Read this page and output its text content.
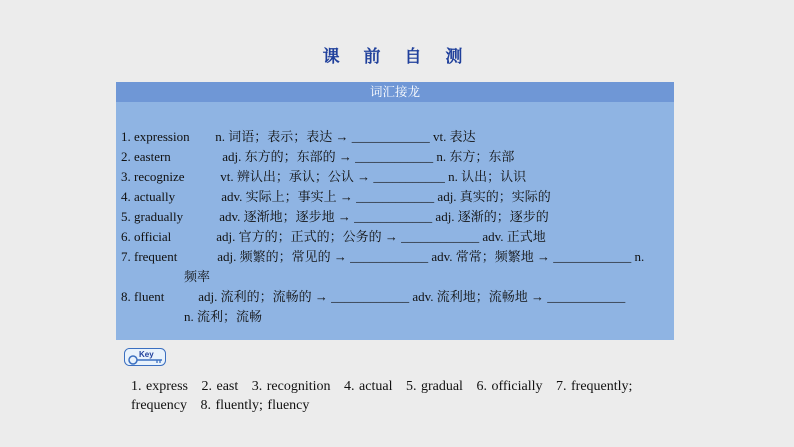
课 前 自 测
词汇接龙
1. expression n. 词语；表示；表达 → ____________ vt. 表达
2. eastern	adj. 东方的；东部的 → ____________ n. 东方；东部
3. recognize	vt. 辨认出；承认；公认 → ___________ n. 认出；认识
4. actually	adv. 实际上；事实上 → ____________ adj. 真实的；实际的
5. gradually	adv. 逐渐地；逐步地 → ____________ adj. 逐渐的；逐步的
6. official	adj. 官方的；正式的；公务的 → ____________ adv. 正式地
7. frequent	adj. 频繁的；常见的 → ____________ adv. 常常；频繁地 → ____________ n.
频率
8. fluent	adj. 流利的；流畅的 → ____________ adv. 流利地；流畅地 → ____________
n. 流利；流畅
Key
1. express 2. east 3. recognition 4. actual 5. gradual 6. officially 7. frequently; frequency 8. fluently; fluency
